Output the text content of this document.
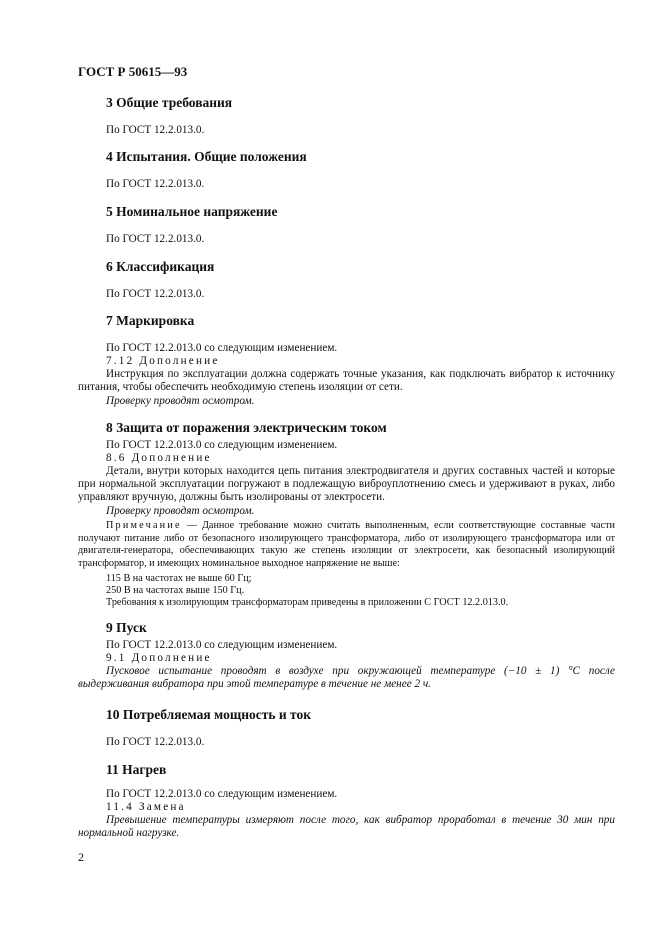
ГОСТ Р 50615—93
3 Общие требования
По ГОСТ 12.2.013.0.
4 Испытания. Общие положения
По ГОСТ 12.2.013.0.
5 Номинальное напряжение
По ГОСТ 12.2.013.0.
6 Классификация
По ГОСТ 12.2.013.0.
7 Маркировка
По ГОСТ 12.2.013.0 со следующим изменением.
7.12 Дополнение
Инструкция по эксплуатации должна содержать точные указания, как подключать вибратор к источнику питания, чтобы обеспечить необходимую степень изоляции от сети.
Проверку проводят осмотром.
8 Защита от поражения электрическим током
По ГОСТ 12.2.013.0 со следующим изменением.
8.6 Дополнение
Детали, внутри которых находится цепь питания электродвигателя и других составных частей и которые при нормальной эксплуатации погружают в подлежащую виброуплотнению смесь и удерживают в руках, либо управляют вручную, должны быть изолированы от электросети.
Проверку проводят осмотром.
Примечание — Данное требование можно считать выполненным, если соответствующие составные части получают питание либо от безопасного изолирующего трансформатора, либо от изолирующего трансформатора или от двигателя-генератора, обеспечивающих такую же степень изоляции от электросети, как безопасный изолирующий трансформатор, и имеющих номинальное выходное напряжение не выше:
115 В на частотах не выше 60 Гц;
250 В на частотах выше 150 Гц.
Требования к изолирующим трансформаторам приведены в приложении С ГОСТ 12.2.013.0.
9 Пуск
По ГОСТ 12.2.013.0 со следующим изменением.
9.1 Дополнение
Пусковое испытание проводят в воздухе при окружающей температуре (−10 ± 1) °С после выдерживания вибратора при этой температуре в течение не менее 2 ч.
10 Потребляемая мощность и ток
По ГОСТ 12.2.013.0.
11 Нагрев
По ГОСТ 12.2.013.0 со следующим изменением.
11.4 Замена
Превышение температуры измеряют после того, как вибратор проработал в течение 30 мин при нормальной нагрузке.
2
